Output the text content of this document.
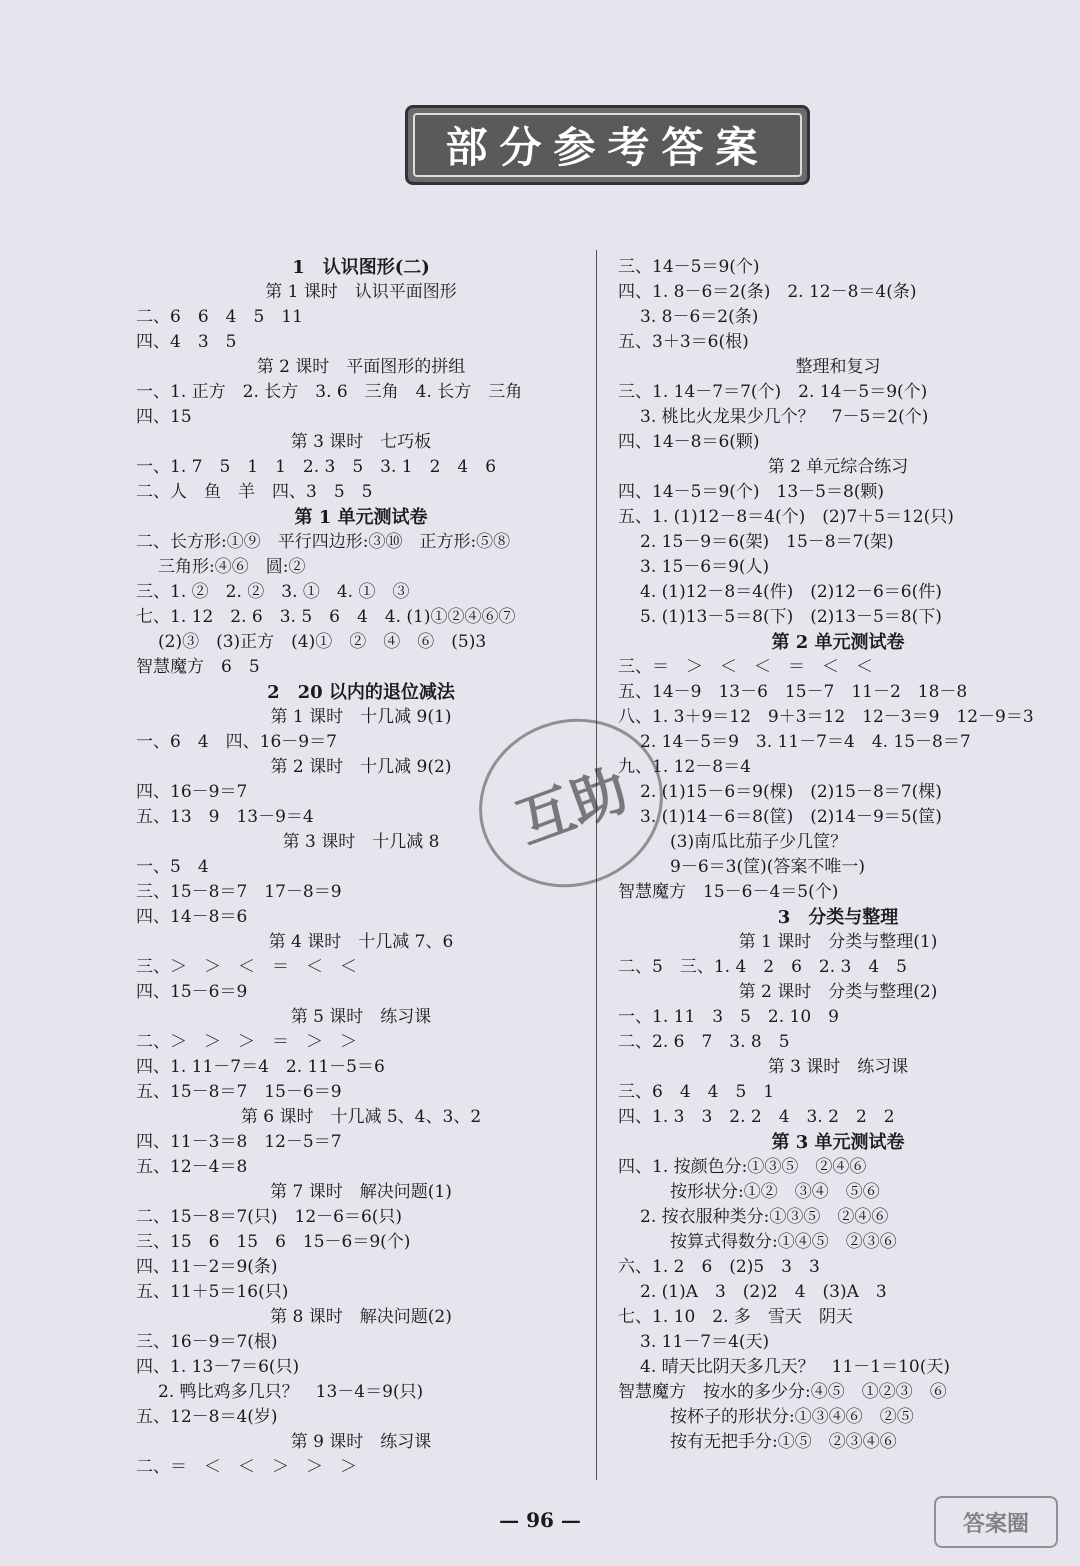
部分参考答案
1　认识图形(二)
第 1 课时　认识平面图形
二、6　6　4　5　11
四、4　3　5
第 2 课时　平面图形的拼组
一、1. 正方　2. 长方　3. 6　三角　4. 长方　三角
四、15
第 3 课时　七巧板
一、1. 7　5　1　1　2. 3　5　3. 1　2　4　6
二、人　鱼　羊　四、3　5　5
第 1 单元测试卷
二、长方形:①⑨　平行四边形:③⑩　正方形:⑤⑧
三角形:④⑥　圆:②
三、1. ②　2. ②　3. ①　4. ①　③
七、1. 12　2. 6　3. 5　6　4　4. (1)①②④⑥⑦
(2)③　(3)正方　(4)①　②　④　⑥　(5)3
智慧魔方　6　5
2　20 以内的退位减法
第 1 课时　十几减 9(1)
一、6　4　四、16－9＝7
第 2 课时　十几减 9(2)
四、16－9＝7
五、13　9　13－9＝4
第 3 课时　十几减 8
一、5　4
三、15－8＝7　17－8＝9
四、14－8＝6
第 4 课时　十几减 7、6
三、＞　＞　＜　＝　＜　＜
四、15－6＝9
第 5 课时　练习课
二、＞　＞　＞　＝　＞　＞
四、1. 11－7＝4　2. 11－5＝6
五、15－8＝7　15－6＝9
第 6 课时　十几减 5、4、3、2
四、11－3＝8　12－5＝7
五、12－4＝8
第 7 课时　解决问题(1)
二、15－8＝7(只)　12－6＝6(只)
三、15　6　15　6　15－6＝9(个)
四、11－2＝9(条)
五、11＋5＝16(只)
第 8 课时　解决问题(2)
三、16－9＝7(根)
四、1. 13－7＝6(只)
2. 鸭比鸡多几只？　13－4＝9(只)
五、12－8＝4(岁)
第 9 课时　练习课
二、＝　＜　＜　＞　＞　＞
三、14－5＝9(个)
四、1. 8－6＝2(条)　2. 12－8＝4(条)
3. 8－6＝2(条)
五、3＋3＝6(根)
整理和复习
三、1. 14－7＝7(个)　2. 14－5＝9(个)
3. 桃比火龙果少几个？　7－5＝2(个)
四、14－8＝6(颗)
第 2 单元综合练习
四、14－5＝9(个)　13－5＝8(颗)
五、1. (1)12－8＝4(个)　(2)7＋5＝12(只)
2. 15－9＝6(架)　15－8＝7(架)
3. 15－6＝9(人)
4. (1)12－8＝4(件)　(2)12－6＝6(件)
5. (1)13－5＝8(下)　(2)13－5＝8(下)
第 2 单元测试卷
三、＝　＞　＜　＜　＝　＜　＜
五、14－9　13－6　15－7　11－2　18－8
八、1. 3＋9＝12　9＋3＝12　12－3＝9　12－9＝3
2. 14－5＝9　3. 11－7＝4　4. 15－8＝7
九、1. 12－8＝4
2. (1)15－6＝9(棵)　(2)15－8＝7(棵)
3. (1)14－6＝8(筐)　(2)14－9＝5(筐)
(3)南瓜比茄子少几筐？
9－6＝3(筐)(答案不唯一)
智慧魔方　15－6－4＝5(个)
3　分类与整理
第 1 课时　分类与整理(1)
二、5　三、1. 4　2　6　2. 3　4　5
第 2 课时　分类与整理(2)
一、1. 11　3　5　2. 10　9
二、2. 6　7　3. 8　5
第 3 课时　练习课
三、6　4　4　5　1
四、1. 3　3　2. 2　4　3. 2　2　2
第 3 单元测试卷
四、1. 按颜色分:①③⑤　②④⑥
按形状分:①②　③④　⑤⑥
2. 按衣服种类分:①③⑤　②④⑥
按算式得数分:①④⑤　②③⑥
六、1. 2　6　(2)5　3　3
2. (1)A　3　(2)2　4　(3)A　3
七、1. 10　2. 多　雪天　阴天
3. 11－7＝4(天)
4. 晴天比阴天多几天？　11－1＝10(天)
智慧魔方　按水的多少分:④⑤　①②③　⑥
按杯子的形状分:①③④⑥　②⑤
按有无把手分:①⑤　②③④⑥
互助
— 96 —	答案圈
